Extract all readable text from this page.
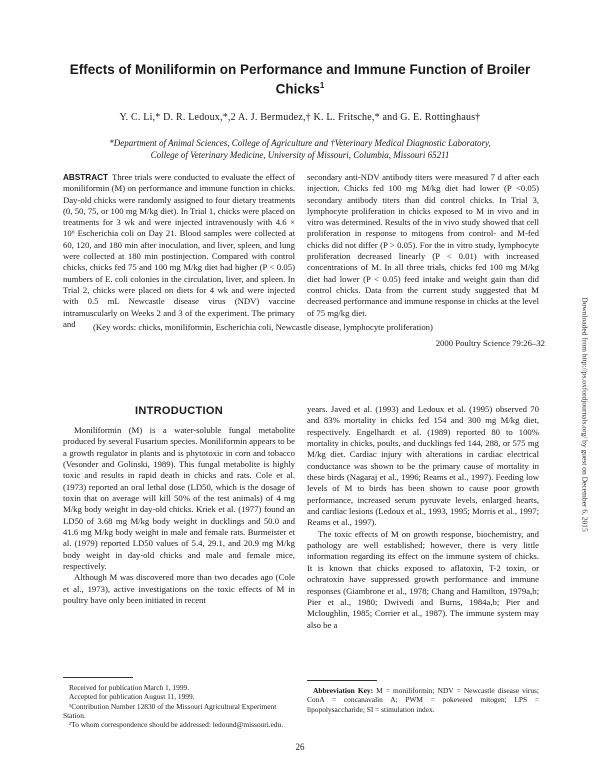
Effects of Moniliformin on Performance and Immune Function of Broiler Chicks$^1$
Y. C. Li,* D. R. Ledoux,*,2 A. J. Bermudez,† K. L. Fritsche,* and G. E. Rottinghaus†
*Department of Animal Sciences, College of Agriculture and †Veterinary Medical Diagnostic Laboratory,
College of Veterinary Medicine, University of Missouri, Columbia, Missouri 65211
ABSTRACT Three trials were conducted to evaluate the effect of moniliformin (M) on performance and immune function in chicks. Day-old chicks were randomly assigned to four dietary treatments (0, 50, 75, or 100 mg M/kg diet). In Trial 1, chicks were placed on treatments for 3 wk and were injected intravenously with 4.6 × 10⁶ Escherichia coli on Day 21. Blood samples were collected at 60, 120, and 180 min after inoculation, and liver, spleen, and lung were collected at 180 min postinjection. Compared with control chicks, chicks fed 75 and 100 mg M/kg diet had higher (P < 0.05) numbers of E. coli colonies in the circulation, liver, and spleen. In Trial 2, chicks were placed on diets for 4 wk and were injected with 0.5 mL Newcastle disease virus (NDV) vaccine intramuscularly on Weeks 2 and 3 of the experiment. The primary and
secondary anti-NDV antibody titers were measured 7 d after each injection. Chicks fed 100 mg M/kg diet had lower (P <0.05) secondary antibody titers than did control chicks. In Trial 3, lymphocyte proliferation in chicks exposed to M in vivo and in vitro was determined. Results of the in vivo study showed that cell proliferation in response to mitogens from control- and M-fed chicks did not differ (P > 0.05). For the in vitro study, lymphocyte proliferation decreased linearly (P < 0.01) with increased concentrations of M. In all three trials, chicks fed 100 mg M/kg diet had lower (P < 0.05) feed intake and weight gain than did control chicks. Data from the current study suggested that M decreased performance and immune response in chicks at the level of 75 mg/kg diet.
(Key words: chicks, moniliformin, Escherichia coli, Newcastle disease, lymphocyte proliferation)
2000 Poultry Science 79:26–32	Downloaded from http://ps.oxfordjournals.org/ by guest on December 6, 2015
INTRODUCTION

Moniliformin (M) is a water-soluble fungal metabolite produced by several Fusarium species. Moniliformin appears to be a growth regulator in plants and is phytotoxic in corn and tobacco (Vesonder and Golinski, 1989). This fungal metabolite is highly toxic and results in rapid death in chicks and rats. Cole et al. (1973) reported an oral lethal dose (LD50, which is the dosage of toxin that on average will kill 50% of the test animals) of 4 mg M/kg body weight in day-old chicks. Kriek et al. (1977) found an LD50 of 3.68 mg M/kg body weight in ducklings and 50.0 and 41.6 mg M/kg body weight in male and female rats. Burmeister et al. (1979) reported LD50 values of 5.4, 29.1, and 20.9 mg M/kg body weight in day-old chicks and male and female mice, respectively.

Although M was discovered more than two decades ago (Cole et al., 1973), active investigations on the toxic effects of M in poultry have only been initiated in recent

years. Javed et al. (1993) and Ledoux et al. (1995) observed 70 and 83% mortality in chicks fed 154 and 300 mg M/kg diet, respectively. Engelhardt et al. (1989) reported 80 to 100% mortality in chicks, poults, and ducklings fed 144, 288, or 575 mg M/kg diet. Cardiac injury with alterations in cardiac electrical conductance was shown to be the primary cause of mortality in these birds (Nagaraj et al., 1996; Reams et al., 1997). Feeding low levels of M to birds has been shown to cause poor growth performance, increased serum pyruvate levels, enlarged hearts, and cardiac lesions (Ledoux et al., 1993, 1995; Morris et al., 1997; Reams et al., 1997).

The toxic effects of M on growth response, biochemistry, and pathology are well established; however, there is very little information regarding its effect on the immune system of chicks. It is known that chicks exposed to aflatoxin, T-2 toxin, or ochratoxin have suppressed growth performance and immune responses (Giambrone et al., 1978; Chang and Hamilton, 1979a,b; Pier et al., 1980; Dwivedi and Burns, 1984a,b; Pier and Mcloughlin, 1985; Corrier et al., 1987). The immune system may also be a

Received for publication March 1, 1999.
Accepted for publication August 11, 1999.
¹Contribution Number 12830 of the Missouri Agricultural Experiment Station.
²To whom correspondence should be addressed: ledound@missouri.edu.
Abbreviation Key: M = moniliformin; NDV = Newcastle disease virus; ConA = concanavalin A; PWM = pokeweed mitogen; LPS = lipopolysaccharide; SI = stimulation index.
26
